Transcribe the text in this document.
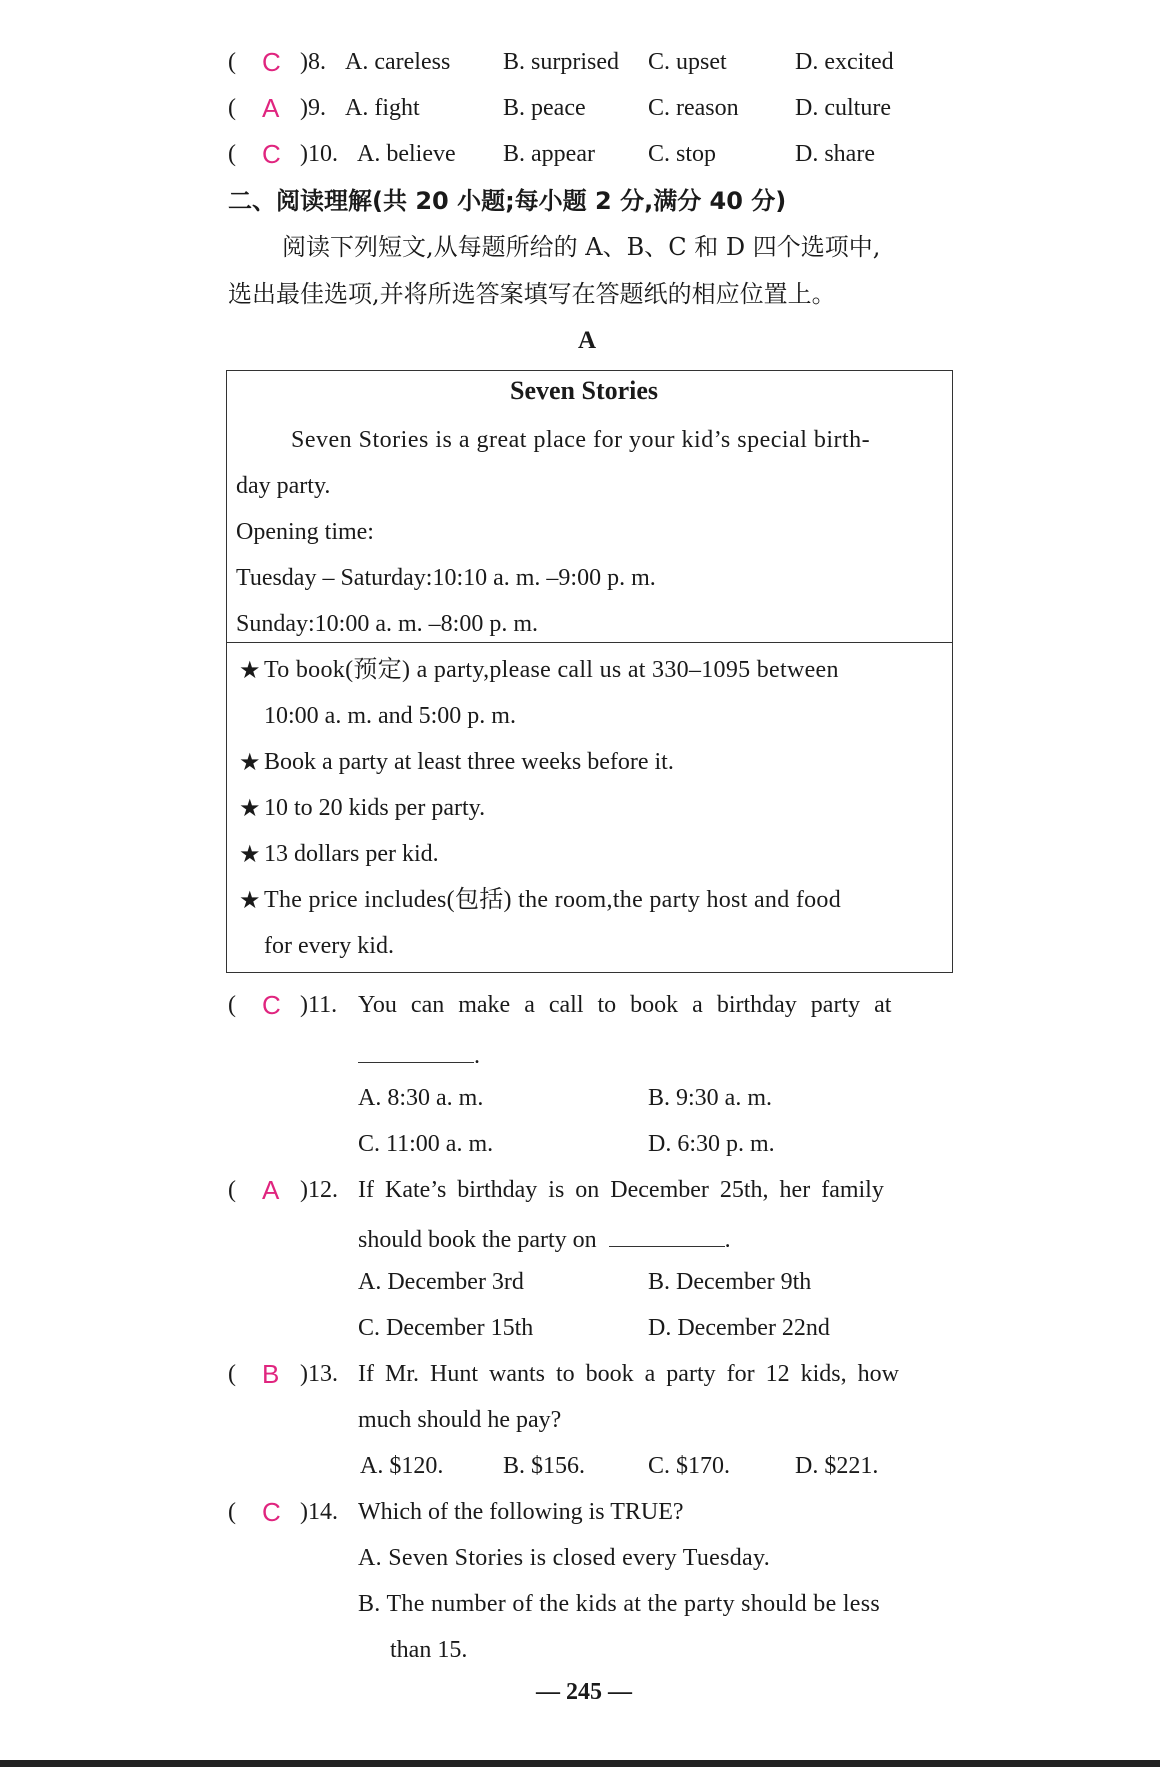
( C )8. A. careless B. surprised C. upset	D. excited
( A )9. A. fight	B. peace	C. reason D. culture
( C )10. A. believe B. appear C. stop	D. share
二、阅读理解(共 20 小题;每小题 2 分,满分 40 分)
阅读下列短文,从每题所给的 A、B、C 和 D 四个选项中,
选出最佳选项,并将所选答案填写在答题纸的相应位置上。
A
Seven Stories
Seven Stories is a great place for your kid’s special birth-
day party.
Opening time:
Tuesday – Saturday:10:10 a. m. –9:00 p. m.
Sunday:10:00 a. m. –8:00 p. m.
★ To book(预定) a party,please call us at 330–1095 between
10:00 a. m. and 5:00 p. m.
★ Book a party at least three weeks before it.
★ 10 to 20 kids per party.
★ 13 dollars per kid.
★ The price includes(包括) the room,the party host and food
for every kid.
( C )11. You can make a call to book a birthday party at
.
A. 8:30 a. m.	B. 9:30 a. m.
C. 11:00 a. m.	D. 6:30 p. m.
( A )12. If Kate’s birthday is on December 25th, her family
should book the party on	.
A. December 3rd	B. December 9th
C. December 15th	D. December 22nd
( B )13. If Mr. Hunt wants to book a party for 12 kids, how
much should he pay?
A. $120. B. $156.	C. $170.	D. $221.
( C )14. Which of the following is TRUE?
A. Seven Stories is closed every Tuesday.
B. The number of the kids at the party should be less
than 15.
— 245 —
